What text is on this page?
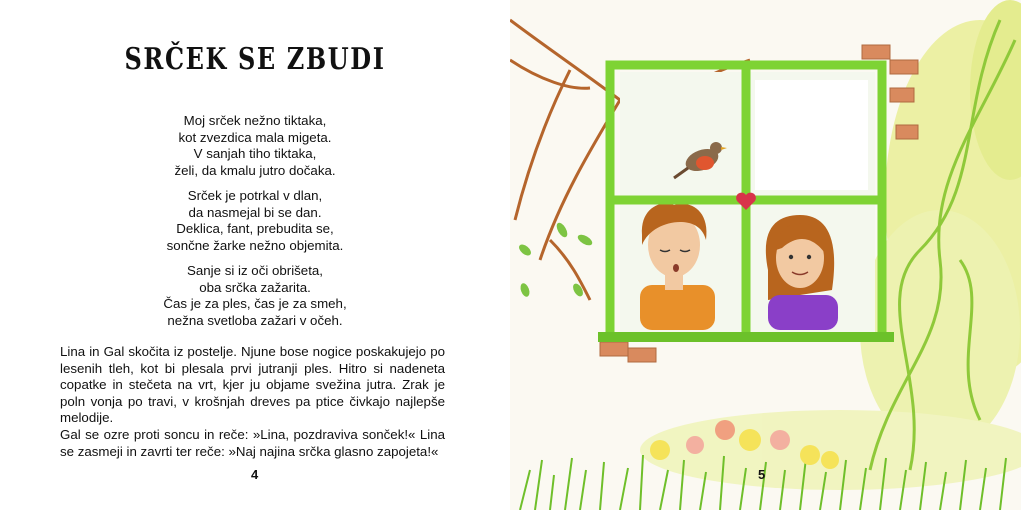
SRČEK SE ZBUDI
Moj srček nežno tiktaka,
kot zvezdica mala migeta.
V sanjah tiho tiktaka,
želi, da kmalu jutro dočaka.
Srček je potrkal v dlan,
da nasmejal bi se dan.
Deklica, fant, prebudita se,
sončne žarke nežno objemita.
Sanje si iz oči obrišeta,
oba srčka zažarita.
Čas je za ples, čas je za smeh,
nežna svetloba zažari v očeh.

Lina in Gal skočita iz postelje. Njune bose nogice poskakujejo po lesenih tleh, kot bi plesala prvi jutranji ples. Hitro si nadeneta copatke in stečeta na vrt, kjer ju objame svežina jutra. Zrak je poln vonja po travi, v krošnjah dreves pa ptice čivkajo najlepše melodije.

Gal se ozre proti soncu in reče: »Lina, pozdraviva sonček!« Lina se zasmeji in zavrti ter reče: »Naj najina srčka glasno zapojeta!«

4	5
